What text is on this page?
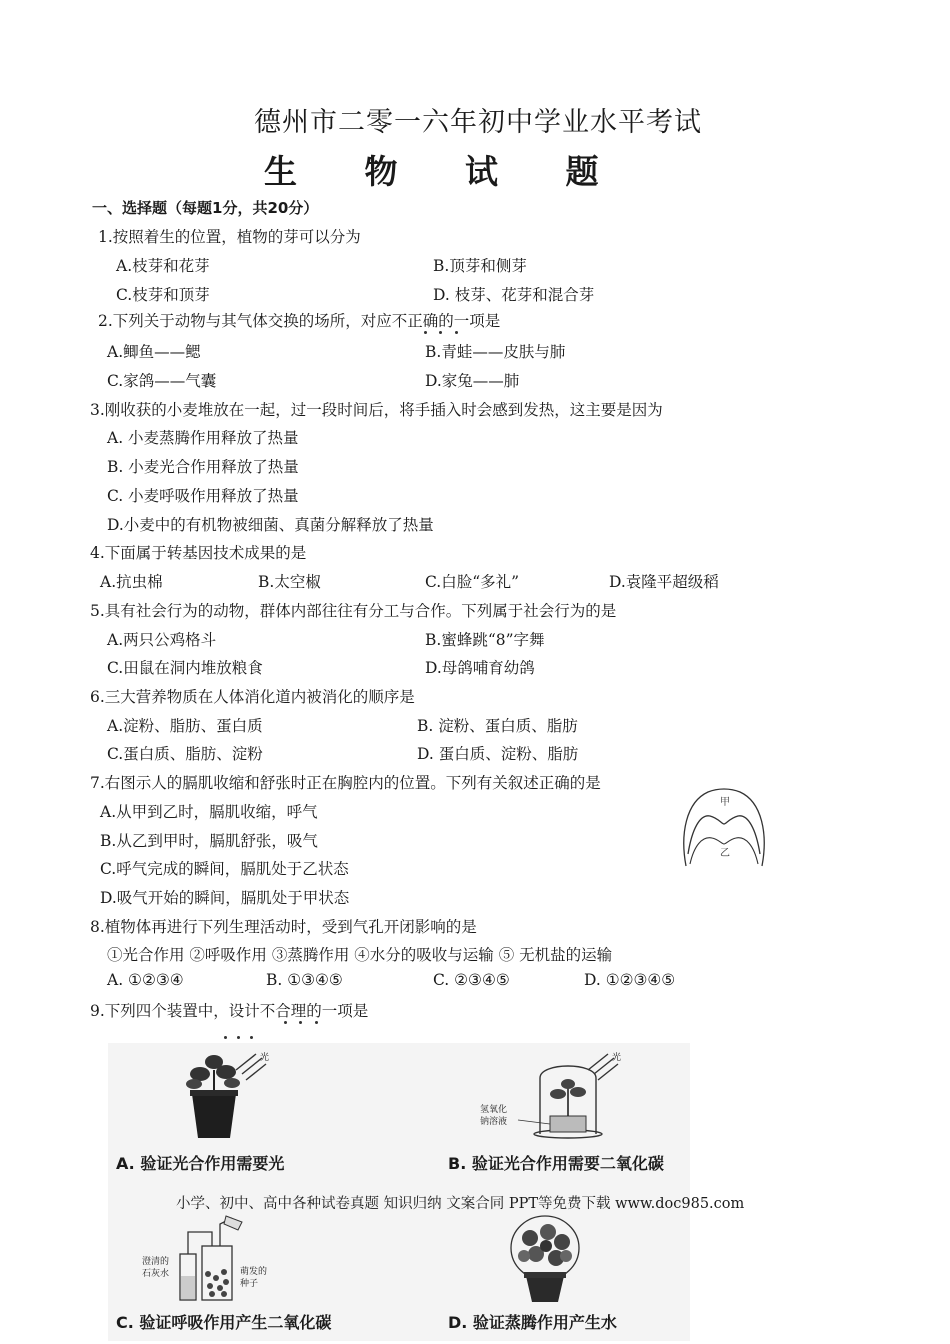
德州市二零一六年初中学业水平考试
生 物 试 题
一、选择题（每题1分，共20分）
1.按照着生的位置，植物的芽可以分为
A.枝芽和花芽	B.顶芽和侧芽
C.枝芽和顶芽	D. 枝芽、花芽和混合芽
2.下列关于动物与其气体交换的场所，对应不正确的一项是
A.鲫鱼——鳃	B.青蛙——皮肤与肺
C.家鸽——气囊	D.家兔——肺
3.刚收获的小麦堆放在一起，过一段时间后，将手插入时会感到发热，这主要是因为
A. 小麦蒸腾作用释放了热量
B. 小麦光合作用释放了热量
C. 小麦呼吸作用释放了热量
D.小麦中的有机物被细菌、真菌分解释放了热量
4.下面属于转基因技术成果的是
A.抗虫棉	B.太空椒	C.白脸“多礼”	D.袁隆平超级稻
5.具有社会行为的动物，群体内部往往有分工与合作。下列属于社会行为的是
A.两只公鸡格斗	B.蜜蜂跳“8”字舞
C.田鼠在洞内堆放粮食	D.母鸽哺育幼鸽
6.三大营养物质在人体消化道内被消化的顺序是
A.淀粉、脂肪、蛋白质	B. 淀粉、蛋白质、脂肪
C.蛋白质、脂肪、淀粉	D. 蛋白质、淀粉、脂肪
7.右图示人的膈肌收缩和舒张时正在胸腔内的位置。下列有关叙述正确的是
A.从甲到乙时，膈肌收缩，呼气
B.从乙到甲时，膈肌舒张，吸气
C.呼气完成的瞬间，膈肌处于乙状态
D.吸气开始的瞬间，膈肌处于甲状态
甲
乙
8.植物体再进行下列生理活动时，受到气孔开闭影响的是
①光合作用 ②呼吸作用 ③蒸腾作用 ④水分的吸收与运输 ⑤ 无机盐的运输
A. ①②③④	B. ①③④⑤	C. ②③④⑤	D. ①②③④⑤
9.下列四个装置中，设计不合理的一项是
光
A. 验证光合作用需要光
光
氢氧化
钠溶液
B. 验证光合作用需要二氧化碳
小学、初中、高中各种试卷真题 知识归纳 文案合同 PPT等免费下载 www.doc985.com
澄清的
石灰水	萌发的
种子
C. 验证呼吸作用产生二氧化碳	D. 验证蒸腾作用产生水
